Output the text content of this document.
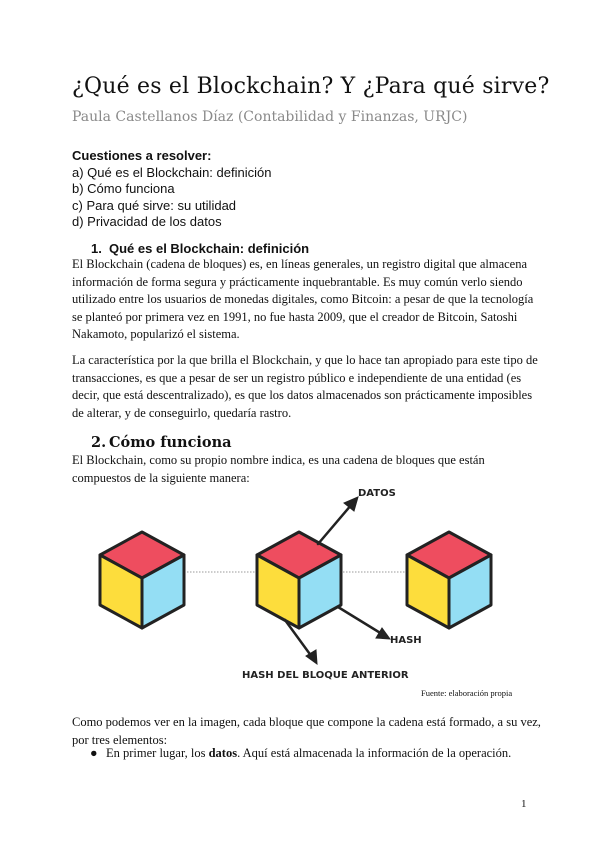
¿Qué es el Blockchain? Y ¿Para qué sirve?
Paula Castellanos Díaz (Contabilidad y Finanzas, URJC)
Cuestiones a resolver:
a) Qué es el Blockchain: definición
b) Cómo funciona
c) Para qué sirve: su utilidad
d) Privacidad de los datos
1. Qué es el Blockchain: definición
El Blockchain (cadena de bloques) es, en líneas generales, un registro digital que almacena
información de forma segura y prácticamente inquebrantable. Es muy común verlo siendo
utilizado entre los usuarios de monedas digitales, como Bitcoin: a pesar de que la tecnología
se planteó por primera vez en 1991, no fue hasta 2009, que el creador de Bitcoin, Satoshi
Nakamoto, popularizó el sistema.
La característica por la que brilla el Blockchain, y que lo hace tan apropiado para este tipo de
transacciones, es que a pesar de ser un registro público e independiente de una entidad (es
decir, que está descentralizado), es que los datos almacenados son prácticamente imposibles
de alterar, y de conseguirlo, quedaría rastro.
2. Cómo funciona
El Blockchain, como su propio nombre indica, es una cadena de bloques que están
compuestos de la siguiente manera:
DATOS
HASH
HASH DEL BLOQUE ANTERIOR
Fuente: elaboración propia
Como podemos ver en la imagen, cada bloque que compone la cadena está formado, a su vez,
por tres elementos:
● En primer lugar, los datos. Aquí está almacenada la información de la operación.
1
